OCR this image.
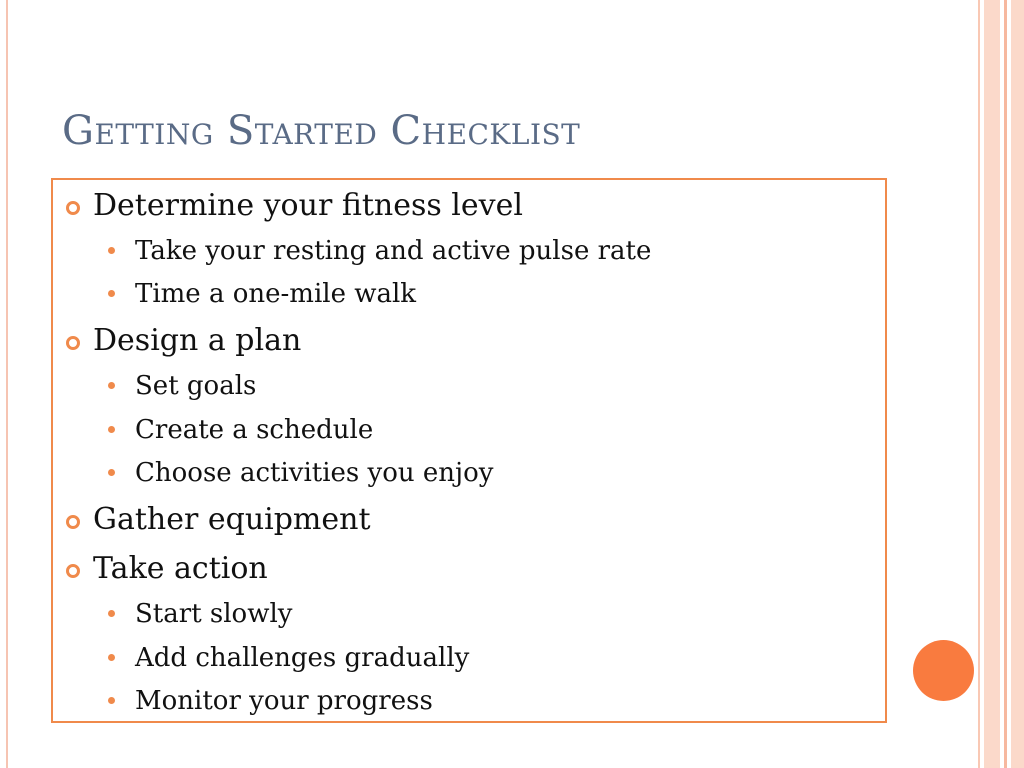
Getting Started Checklist
Determine your fitness level
Take your resting and active pulse rate
Time a one-mile walk
Design a plan
Set goals
Create a schedule
Choose activities you enjoy
Gather equipment
Take action
Start slowly
Add challenges gradually
Monitor your progress
